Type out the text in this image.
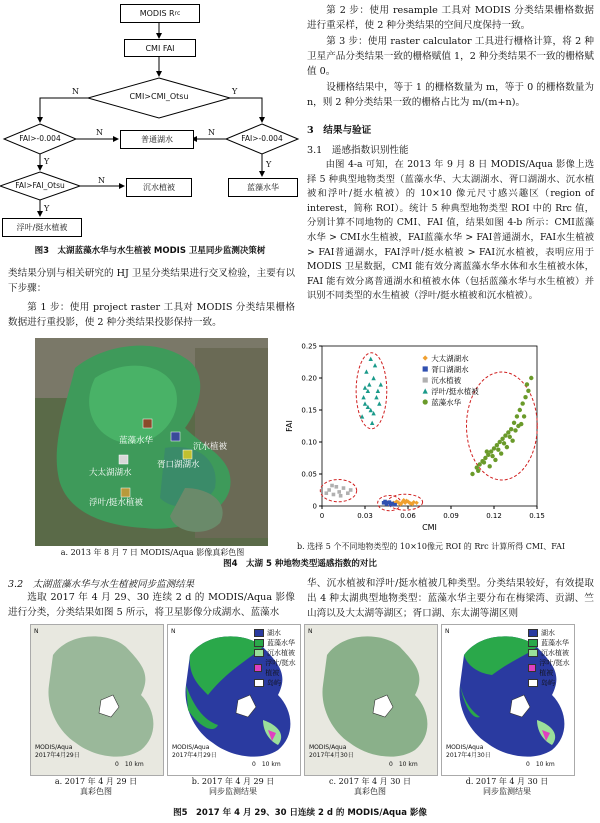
MODIS R rc
CMI FAI
CMI>CMI_Otsu
FAI>-0.004	FAI>-0.004
普通湖水
FAI>FAI_Otsu	沉水植被	蓝藻水华
浮叶/挺水植被
N	Y
N	N
Y	Y
N
Y
图3　太湖蓝藻水华与水生植被 MODIS 卫星同步监测决策树

类结果分别与相关研究的 HJ 卫星分类结果进行交叉检验，主要有以下步骤：

第 1 步：使用 project raster 工具对 MODIS 分类结果栅格数据进行重投影，使 2 种分类结果投影保持一致。

第 2 步：使用 resample 工具对 MODIS 分类结果栅格数据进行重采样，使 2 种分类结果的空间尺度保持一致。

第 3 步：使用 raster calculator 工具进行栅格计算，将 2 种卫星产品分类结果一致的栅格赋值 1，2 种分类结果不一致的栅格赋值 0。

设栅格结果中，等于 1 的栅格数量为 m，等于 0 的栅格数量为 n，则 2 种分类结果一致的栅格占比为 m/(m+n)。

3　结果与验证
3.1　遥感指数识别性能

由图 4-a 可知，在 2013 年 9 月 8 日 MODIS/Aqua 影像上选择 5 种典型地物类型（蓝藻水华、大太湖湖水、胥口湖湖水、沉水植被和浮叶/挺水植被）的 10×10 像元尺寸感兴趣区（region of interest，简称 ROI）。统计 5 种典型地物类型 ROI 中的 Rrc 值，分别计算不同地物的 CMI、FAI 值，结果如图 4-b 所示：CMI蓝藻水华 > CMI水生植被，FAI蓝藻水华 > FAI普通湖水，FAI水生植被 > FAI普通湖水，FAI浮叶/挺水植被 > FAI沉水植被，表明应用于 MODIS 卫星数据，CMI 能有效分离蓝藻水华水体和水生植被水体，FAI 能有效分离普通湖水和植被水体（包括蓝藻水华与水生植被）并识别不同类型的水生植被（浮叶/挺水植被和沉水植被）。

蓝藻水华
沉水植被
胥口湖湖水
大太湖湖水
浮叶/挺水植被
a. 2013 年 8 月 7 日 MODIS/Aqua 影像真彩色图
0	0.03	0.06	0.09	0.12	0.15
0
0.05
0.10
0.15
0.20
0.25
CMI
FAI
大太湖湖水
胥口湖湖水
沉水植被
浮叶/挺水植被
蓝藻水华
b. 选择 5 个不同地物类型的 10×10像元 ROI 的 Rrc 计算所得 CMI、FAI
图4　太湖 5 种地物类型遥感指数的对比
3.2　太湖蓝藻水华与水生植被同步监测结果

选取 2017 年 4 月 29、30 连续 2 d 的 MODIS/Aqua 影像进行分类，分类结果如图 5 所示，将卫星影像分成湖水、蓝藻水

华、沉水植被和浮叶/挺水植被几种类型。分类结果较好，有效提取出 4 种太湖典型地物类型：蓝藻水华主要分布在梅梁湾、贡湖、竺山湾以及大太湖等湖区；胥口湖、东太湖等湖区则

N
MODIS/Aqua
2017年4月29日
0　10 km
N	湖水
蓝藻水华
沉水植被
浮叶/挺水植被
岛屿
MODIS/Aqua
2017年4月29日
0　10 km
N
MODIS/Aqua
2017年4月30日
0　10 km
N	湖水
蓝藻水华
沉水植被
浮叶/挺水植被
岛屿
MODIS/Aqua
2017年4月30日
0　10 km
a. 2017 年 4 月 29 日
真彩色图
b. 2017 年 4 月 29 日
同步监测结果
c. 2017 年 4 月 30 日
真彩色图
d. 2017 年 4 月 30 日
同步监测结果
图5　2017 年 4 月 29、30 日连续 2 d 的 MODIS/Aqua 影像
